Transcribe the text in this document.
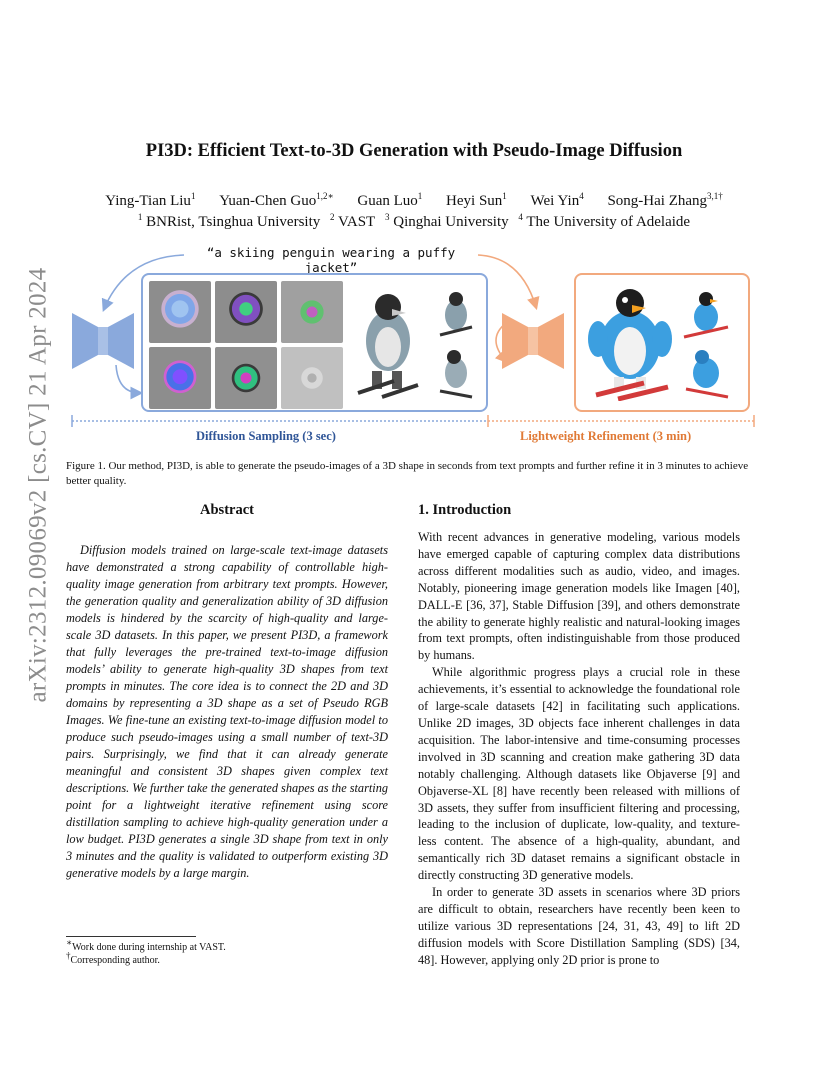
arXiv:2312.09069v2 [cs.CV] 21 Apr 2024
PI3D: Efficient Text-to-3D Generation with Pseudo-Image Diffusion
Ying-Tian Liu$^1$ Yuan-Chen Guo$^{1,2∗}$ Guan Luo$^1$ Heyi Sun$^1$ Wei Yin$^4$ Song-Hai Zhang$^{3,1\dagger}$
$^1$ BNRist, Tsinghua University $^2$ VAST $^3$ Qinghai University $^4$ The University of Adelaide
“a skiing penguin wearing a puffy jacket”
Diffusion Sampling (3 sec)	Lightweight Refinement (3 min)

Figure 1. Our method, PI3D, is able to generate the pseudo-images of a 3D shape in seconds from text prompts and further refine it in 3 minutes to achieve better quality.

Abstract

Diffusion models trained on large-scale text-image datasets have demonstrated a strong capability of controllable high-quality image generation from arbitrary text prompts. However, the generation quality and generalization ability of 3D diffusion models is hindered by the scarcity of high-quality and large-scale 3D datasets. In this paper, we present PI3D, a framework that fully leverages the pre-trained text-to-image diffusion models’ ability to generate high-quality 3D shapes from text prompts in minutes. The core idea is to connect the 2D and 3D domains by representing a 3D shape as a set of Pseudo RGB Images. We fine-tune an existing text-to-image diffusion model to produce such pseudo-images using a small number of text-3D pairs. Surprisingly, we find that it can already generate meaningful and consistent 3D shapes given complex text descriptions. We further take the generated shapes as the starting point for a lightweight iterative refinement using score distillation sampling to achieve high-quality generation under a low budget. PI3D generates a single 3D shape from text in only 3 minutes and the quality is validated to outperform existing 3D generative models by a large margin.

1. Introduction

With recent advances in generative modeling, various models have emerged capable of capturing complex data distributions across different modalities such as audio, video, and images. Notably, pioneering image generation models like Imagen [40], DALL-E [36, 37], Stable Diffusion [39], and others demonstrate the ability to generate highly realistic and natural-looking images from text prompts, often indistinguishable from those produced by humans.

While algorithmic progress plays a crucial role in these achievements, it’s essential to acknowledge the foundational role of large-scale datasets [42] in facilitating such applications. Unlike 2D images, 3D objects face inherent challenges in data acquisition. The labor-intensive and time-consuming processes involved in 3D scanning and creation make gathering 3D data notably challenging. Although datasets like Objaverse [9] and Objaverse-XL [8] have recently been released with millions of 3D assets, they suffer from insufficient filtering and processing, leading to the inclusion of duplicate, low-quality, and texture-less content. The absence of a high-quality, abundant, and semantically rich 3D dataset remains a significant obstacle in directly constructing 3D generative models.

In order to generate 3D assets in scenarios where 3D priors are difficult to obtain, researchers have recently been keen to utilize various 3D representations [24, 31, 43, 49] to lift 2D diffusion models with Score Distillation Sampling (SDS) [34, 48]. However, applying only 2D prior is prone to

∗Work done during internship at VAST.

†Corresponding author.
